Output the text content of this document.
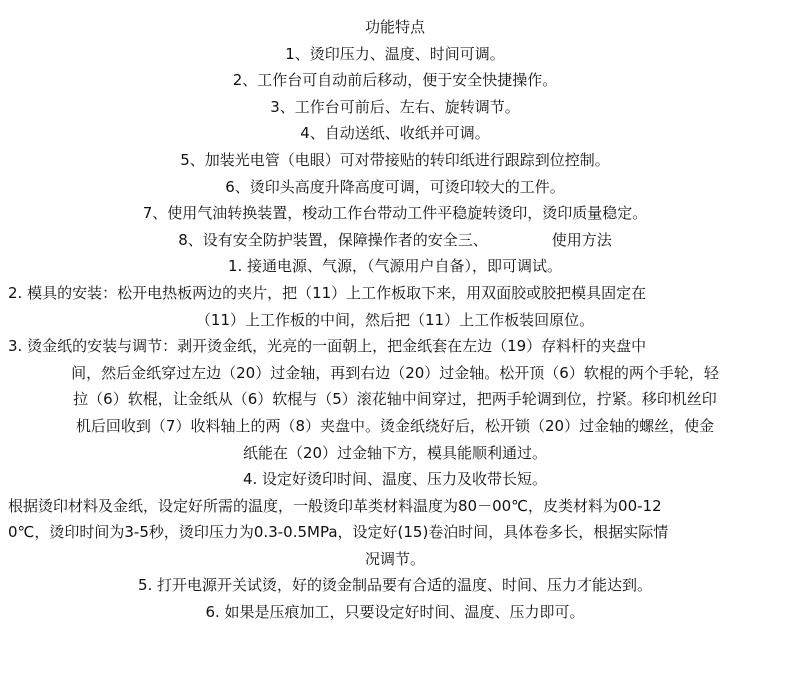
功能特点
1、烫印压力、温度、时间可调。
2、工作台可自动前后移动，便于安全快捷操作。
3、工作台可前后、左右、旋转调节。
4、自动送纸、收纸并可调。
5、加装光电管（电眼）可对带接贴的转印纸进行跟踪到位控制。
6、烫印头高度升降高度可调，可烫印较大的工件。
7、使用气油转换装置，梭动工作台带动工件平稳旋转烫印，烫印质量稳定。
8、设有安全防护装置，保障操作者的安全三、	使用方法
1. 接通电源、气源，（气源用户自备），即可调试。
2. 模具的安装：松开电热板两边的夹片，把（11）上工作板取下来，用双面胶或胶把模具固定在
（11）上工作板的中间，然后把（11）上工作板装回原位。
3. 烫金纸的安装与调节：剥开烫金纸，光亮的一面朝上，把金纸套在左边（19）存料杆的夹盘中
间，然后金纸穿过左边（20）过金轴，再到右边（20）过金轴。松开顶（6）软棍的两个手轮，轻
拉（6）软棍，让金纸从（6）软棍与（5）滚花轴中间穿过，把两手轮调到位，拧紧。移印机丝印
机后回收到（7）收料轴上的两（8）夹盘中。烫金纸绕好后，松开锁（20）过金轴的螺丝，使金
纸能在（20）过金轴下方，模具能顺利通过。
4. 设定好烫印时间、温度、压力及收带长短。
根据烫印材料及金纸，设定好所需的温度，一般烫印革类材料温度为80－00℃，皮类材料为00-12
0℃，烫印时间为3-5秒，烫印压力为0.3-0.5MPa，设定好(15)卷泊时间，具体卷多长，根据实际情
况调节。
5. 打开电源开关试烫，好的烫金制品要有合适的温度、时间、压力才能达到。
6. 如果是压痕加工，只要设定好时间、温度、压力即可。
